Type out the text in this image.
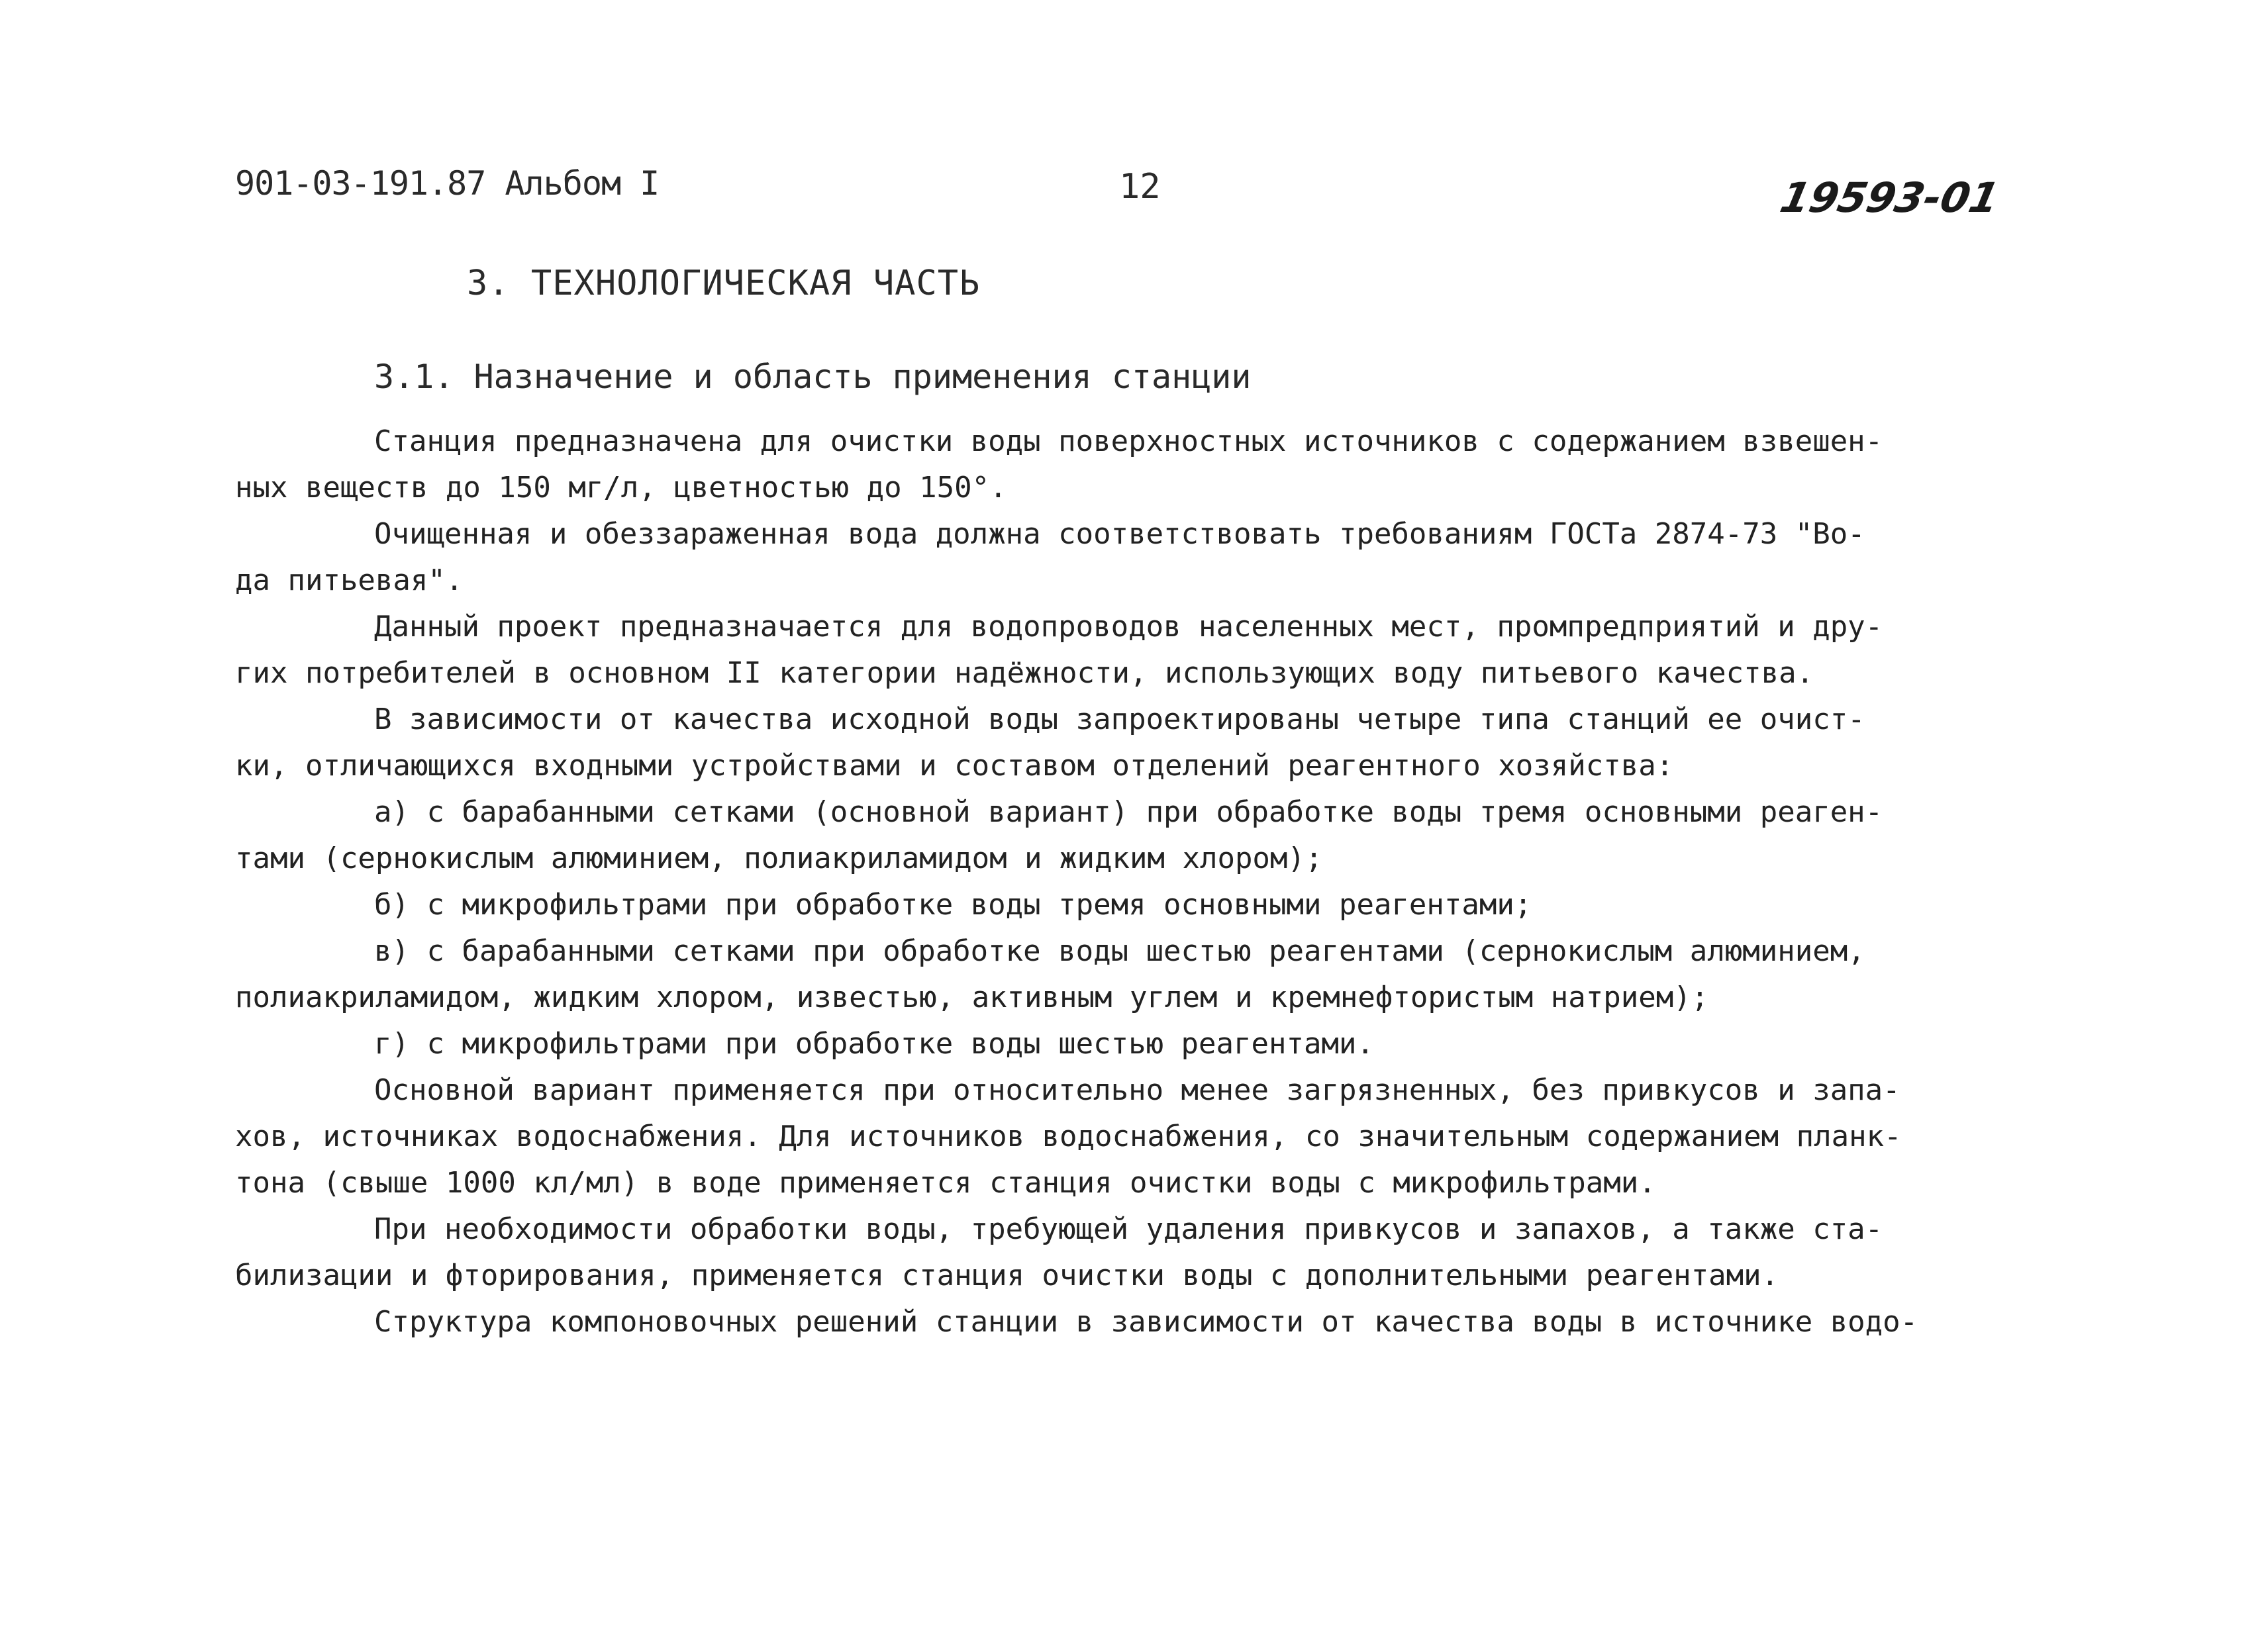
901-03-191.87 Альбом I	12	19593-01
3. ТЕХНОЛОГИЧЕСКАЯ ЧАСТЬ
3.1. Назначение и область применения станции
Станция предназначена для очистки воды поверхностных источников с содержанием взвешен-
ных веществ до 150 мг/л, цветностью до 150°.
Очищенная и обеззараженная вода должна соответствовать требованиям ГОСТа 2874-73 "Во-
да питьевая".
Данный проект предназначается для водопроводов населенных мест, промпредприятий и дру-
гих потребителей в основном II категории надёжности, использующих воду питьевого качества.
В зависимости от качества исходной воды запроектированы четыре типа станций ее очист-
ки, отличающихся входными устройствами и составом отделений реагентного хозяйства:
а) с барабанными сетками (основной вариант) при обработке воды тремя основными реаген-
тами (сернокислым алюминием, полиакриламидом и жидким хлором);
б) с микрофильтрами при обработке воды тремя основными реагентами;
в) с барабанными сетками при обработке воды шестью реагентами (сернокислым алюминием,
полиакриламидом, жидким хлором, известью, активным углем и кремнефтористым натрием);
г) с микрофильтрами при обработке воды шестью реагентами.
Основной вариант применяется при относительно менее загрязненных, без привкусов и запа-
хов, источниках водоснабжения. Для источников водоснабжения, со значительным содержанием планк-
тона (свыше 1000 кл/мл) в воде применяется станция очистки воды с микрофильтрами.
При необходимости обработки воды, требующей удаления привкусов и запахов, а также ста-
билизации и фторирования, применяется станция очистки воды с дополнительными реагентами.
Структура компоновочных решений станции в зависимости от качества воды в источнике водо-
